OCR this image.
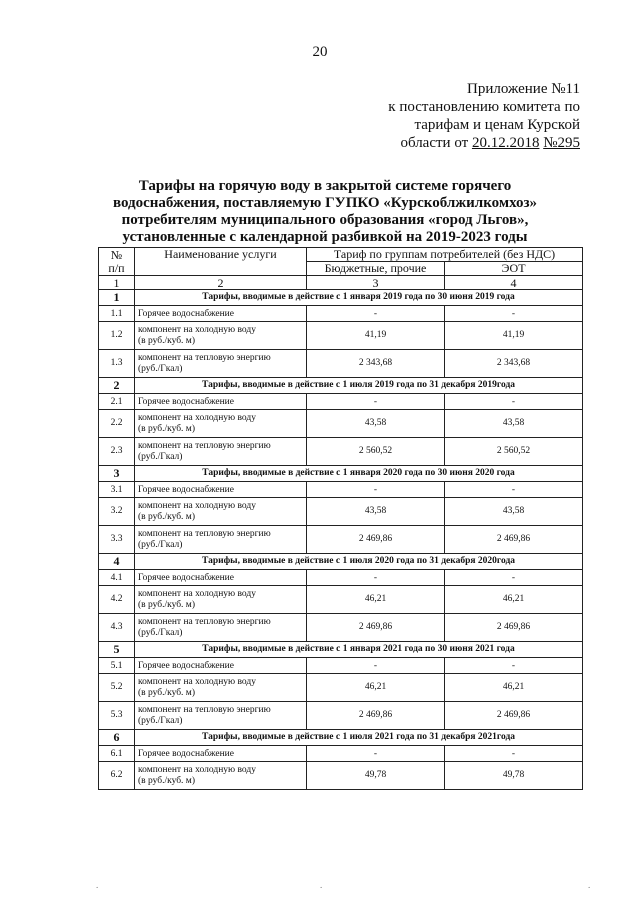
20
Приложение №11
к постановлению комитета по
тарифам и ценам Курской
области от 20.12.2018 №295
Тарифы на горячую воду в закрытой системе горячего
водоснабжения, поставляемую ГУПКО «Курскоблжилкомхоз»
потребителям муниципального образования «город Льгов»,
установленные с календарной разбивкой на 2019-2023 годы
№
п/п	Наименование услуги	Тариф по группам потребителей (без НДС)	
		Бюджетные, прочие	ЭОТ
1	2	3	4
1	Тарифы, вводимые в действие с 1 января 2019 года по 30 июня 2019 года		
1.1	Горячее водоснабжение	-	-
1.2	компонент на холодную воду
(в руб./куб. м)	41,19	41,19
1.3	компонент на тепловую энергию
(руб./Гкал)	2 343,68	2 343,68
2	Тарифы, вводимые в действие с 1 июля 2019 года по 31 декабря 2019года		
2.1	Горячее водоснабжение	-	-
2.2	компонент на холодную воду
(в руб./куб. м)	43,58	43,58
2.3	компонент на тепловую энергию
(руб./Гкал)	2 560,52	2 560,52
3	Тарифы, вводимые в действие с 1 января 2020 года по 30 июня 2020 года		
3.1	Горячее водоснабжение	-	-
3.2	компонент на холодную воду
(в руб./куб. м)	43,58	43,58
3.3	компонент на тепловую энергию
(руб./Гкал)	2 469,86	2 469,86
4	Тарифы, вводимые в действие с 1 июля 2020 года по 31 декабря 2020года		
4.1	Горячее водоснабжение	-	-
4.2	компонент на холодную воду
(в руб./куб. м)	46,21	46,21
4.3	компонент на тепловую энергию
(руб./Гкал)	2 469,86	2 469,86
5	Тарифы, вводимые в действие с 1 января 2021 года по 30 июня 2021 года		
5.1	Горячее водоснабжение	-	-
5.2	компонент на холодную воду
(в руб./куб. м)	46,21	46,21
5.3	компонент на тепловую энергию
(руб./Гкал)	2 469,86	2 469,86
6	Тарифы, вводимые в действие с 1 июля 2021 года по 31 декабря 2021года		
6.1	Горячее водоснабжение	-	-
6.2	компонент на холодную воду
(в руб./куб. м)	49,78	49,78
.	.	.
